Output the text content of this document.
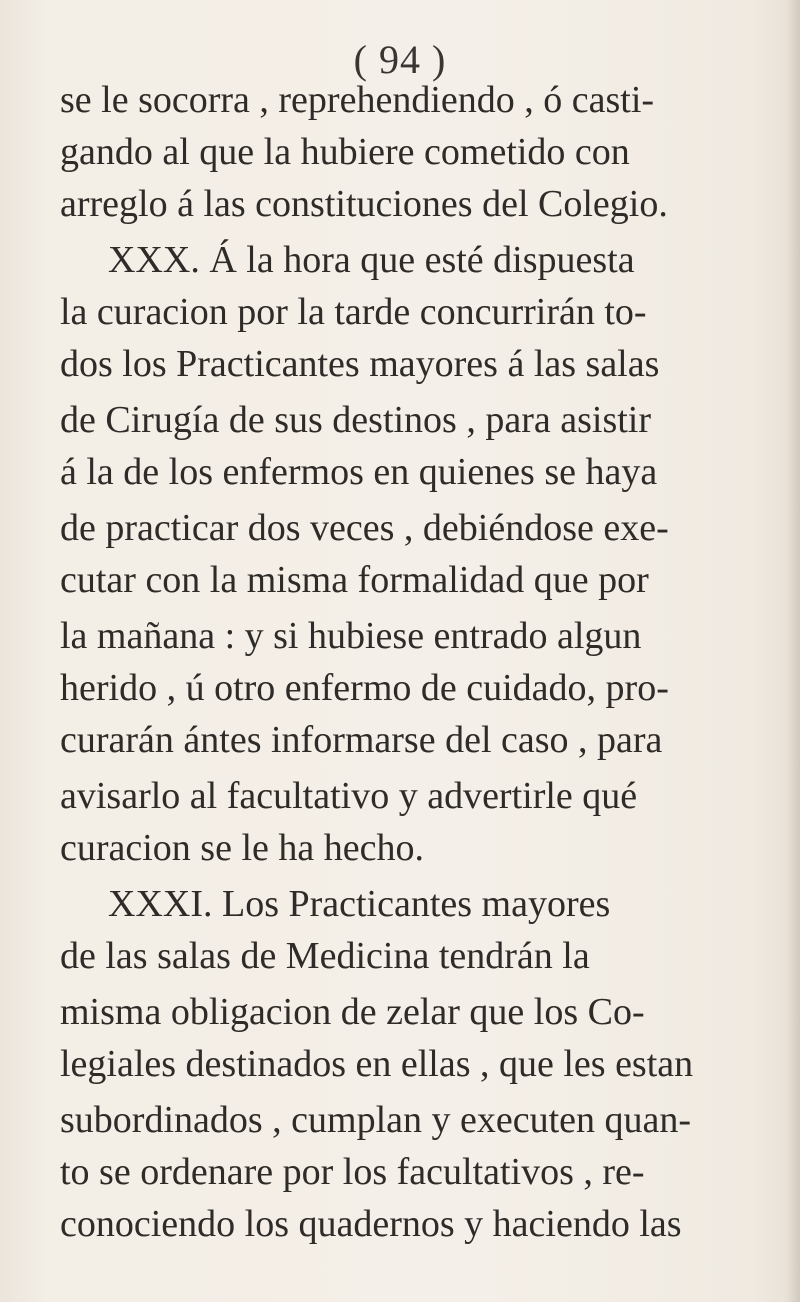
( 94 )
se le socorra , reprehendiendo , ó casti-
gando al que la hubiere cometido con
arreglo á las constituciones del Colegio.
XXX. Á la hora que esté dispuesta
la curacion por la tarde concurrirán to-
dos los Practicantes mayores á las salas
de Cirugía de sus destinos , para asistir
á la de los enfermos en quienes se haya
de practicar dos veces , debiéndose exe-
cutar con la misma formalidad que por
la mañana : y si hubiese entrado algun
herido , ú otro enfermo de cuidado, pro-
curarán ántes informarse del caso , para
avisarlo al facultativo y advertirle qué
curacion se le ha hecho.
XXXI. Los Practicantes mayores
de las salas de Medicina tendrán la
misma obligacion de zelar que los Co-
legiales destinados en ellas , que les estan
subordinados , cumplan y executen quan-
to se ordenare por los facultativos , re-
conociendo los quadernos y haciendo las
